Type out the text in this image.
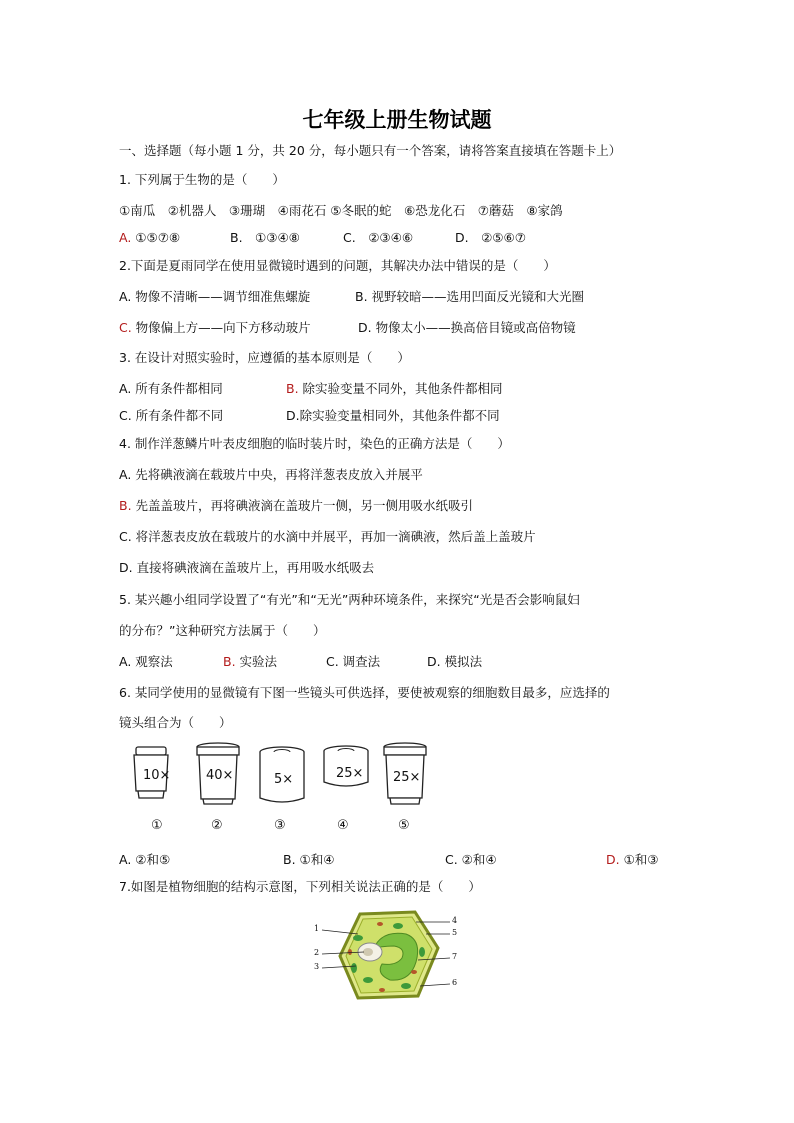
七年级上册生物试题
一、选择题（每小题 1 分，共 20 分，每小题只有一个答案，请将答案直接填在答题卡上）
1. 下列属于生物的是（　　）
①南瓜　②机器人　③珊瑚　④雨花石 ⑤冬眠的蛇　⑥恐龙化石　⑦蘑菇　⑧家鸽
A. ①⑤⑦⑧	B.　①③④⑧	C.　②③④⑥	D.　②⑤⑥⑦
2.下面是夏雨同学在使用显微镜时遇到的问题，其解决办法中错误的是（　　）
A. 物像不清晰——调节细准焦螺旋	B. 视野较暗——选用凹面反光镜和大光圈
C. 物像偏上方——向下方移动玻片	D. 物像太小——换高倍目镜或高倍物镜
3. 在设计对照实验时，应遵循的基本原则是（　　）
A. 所有条件都相同	B. 除实验变量不同外，其他条件都相同
C. 所有条件都不同	D.除实验变量相同外，其他条件都不同
4. 制作洋葱鳞片叶表皮细胞的临时装片时，染色的正确方法是（　　）
A. 先将碘液滴在载玻片中央，再将洋葱表皮放入并展平
B. 先盖盖玻片，再将碘液滴在盖玻片一侧，另一侧用吸水纸吸引
C. 将洋葱表皮放在载玻片的水滴中并展平，再加一滴碘液，然后盖上盖玻片
D. 直接将碘液滴在盖玻片上，再用吸水纸吸去
5. 某兴趣小组同学设置了“有光”和“无光”两种环境条件，来探究“光是否会影响鼠妇
的分布？”这种研究方法属于（　　）
A. 观察法	B. 实验法	C. 调查法	D. 模拟法
6. 某同学使用的显微镜有下图一些镜头可供选择，要使被观察的细胞数目最多，应选择的
镜头组合为（　　）
10×	40×	5×	25× 25×
①	②	③	④	⑤
A. ②和⑤	B. ①和④	C. ②和④	D. ①和③
7.如图是植物细胞的结构示意图，下列相关说法正确的是（　　）
1
2
3
4
5
6
7
